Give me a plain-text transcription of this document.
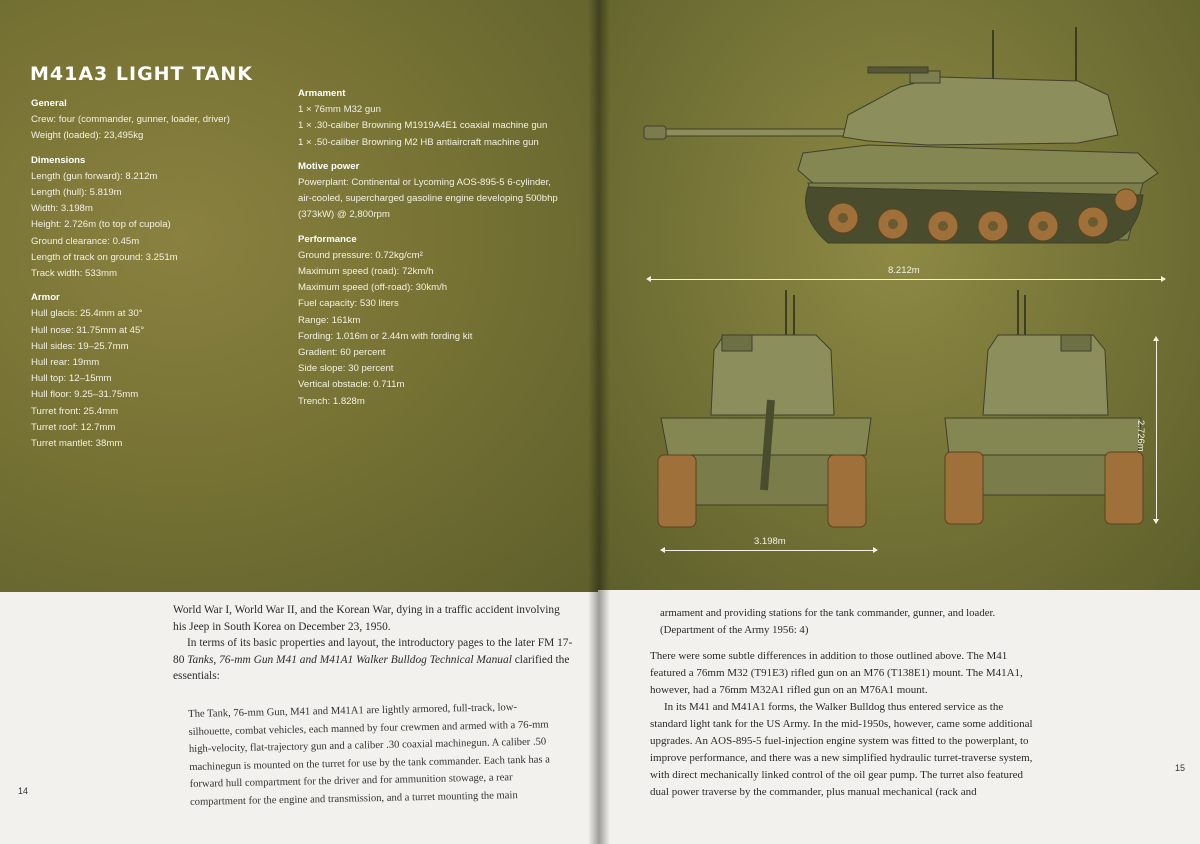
M41A3 LIGHT TANK
General
Crew: four (commander, gunner, loader, driver)
Weight (loaded): 23,495kg
Dimensions
Length (gun forward): 8.212m
Length (hull): 5.819m
Width: 3.198m
Height: 2.726m (to top of cupola)
Ground clearance: 0.45m
Length of track on ground: 3.251m
Track width: 533mm
Armor
Hull glacis: 25.4mm at 30°
Hull nose: 31.75mm at 45°
Hull sides: 19–25.7mm
Hull rear: 19mm
Hull top: 12–15mm
Hull floor: 9.25–31.75mm
Turret front: 25.4mm
Turret roof: 12.7mm
Turret mantlet: 38mm
Armament
1 × 76mm M32 gun
1 × .30-caliber Browning M1919A4E1 coaxial machine gun
1 × .50-caliber Browning M2 HB antiaircraft machine gun
Motive power
Powerplant: Continental or Lycoming AOS-895-5 6-cylinder,
air-cooled, supercharged gasoline engine developing 500bhp
(373kW) @ 2,800rpm
Performance
Ground pressure: 0.72kg/cm²
Maximum speed (road): 72km/h
Maximum speed (off-road): 30km/h
Fuel capacity: 530 liters
Range: 161km
Fording: 1.016m or 2.44m with fording kit
Gradient: 60 percent
Side slope: 30 percent
Vertical obstacle: 0.711m
Trench: 1.828m

World War I, World War II, and the Korean War, dying in a traffic accident involving his Jeep in South Korea on December 23, 1950.

In terms of its basic properties and layout, the introductory pages to the later FM 17-80 Tanks, 76-mm Gun M41 and M41A1 Walker Bulldog Technical Manual clarified the essentials:

The Tank, 76-mm Gun, M41 and M41A1 are lightly armored, full-track, low-silhouette, combat vehicles, each manned by four crewmen and armed with a 76-mm high-velocity, flat-trajectory gun and a caliber .30 coaxial machinegun. A caliber .50 machinegun is mounted on the turret for use by the tank commander. Each tank has a forward hull compartment for the driver and for ammunition stowage, a rear compartment for the engine and transmission, and a turret mounting the main
14
8.212m
3.198m
2.726m
armament and providing stations for the tank commander, gunner, and loader. (Department of the Army 1956: 4)

There were some subtle differences in addition to those outlined above. The M41 featured a 76mm M32 (T91E3) rifled gun on an M76 (T138E1) mount. The M41A1, however, had a 76mm M32A1 rifled gun on an M76A1 mount.

In its M41 and M41A1 forms, the Walker Bulldog thus entered service as the standard light tank for the US Army. In the mid-1950s, however, came some additional upgrades. An AOS-895-5 fuel-injection engine system was fitted to the powerplant, to improve performance, and there was a new simplified hydraulic turret-traverse system, with direct mechanically linked control of the oil gear pump. The turret also featured dual power traverse by the commander, plus manual mechanical (rack and

15
